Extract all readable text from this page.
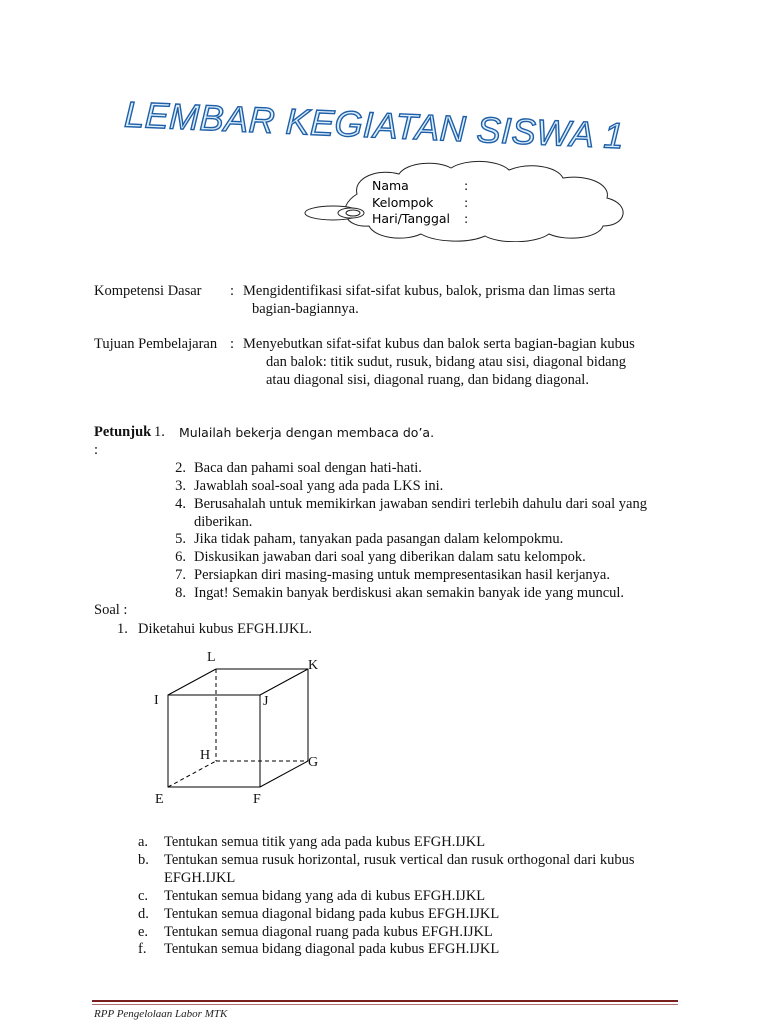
LEMBAR KEGIATAN SISWA 1
Nama	:
Kelompok	:
Hari/Tanggal	:
Kompetensi Dasar : Mengidentifikasi sifat-sifat kubus, balok, prisma dan limas serta
bagian-bagiannya.
Tujuan Pembelajaran : Menyebutkan sifat-sifat kubus dan balok serta bagian-bagian kubus
dan balok: titik sudut, rusuk, bidang atau sisi, diagonal bidang
atau diagonal sisi, diagonal ruang, dan bidang diagonal.
Petunjuk :
1.	Mulailah bekerja dengan membaca do’a.
2. Baca dan pahami soal dengan hati-hati.
3. Jawablah soal-soal yang ada pada LKS ini.
4. Berusahalah untuk memikirkan jawaban sendiri terlebih dahulu dari soal yang
diberikan.
5. Jika tidak paham, tanyakan pada pasangan dalam kelompokmu.
6. Diskusikan jawaban dari soal yang diberikan dalam satu kelompok.
7. Persiapkan diri masing-masing untuk mempresentasikan hasil kerjanya.
8. Ingat! Semakin banyak berdiskusi akan semakin banyak ide yang muncul.
Soal :
1. Diketahui kubus EFGH.IJKL.
L
K
I	J
H	G
E	F
a.	Tentukan semua titik yang ada pada kubus EFGH.IJKL
b.	Tentukan semua rusuk horizontal, rusuk vertical dan rusuk orthogonal dari kubus
EFGH.IJKL
c.	Tentukan semua bidang yang ada di kubus EFGH.IJKL
d.	Tentukan semua diagonal bidang pada kubus EFGH.IJKL
e.	Tentukan semua diagonal ruang pada kubus EFGH.IJKL
f.	Tentukan semua bidang diagonal pada kubus EFGH.IJKL
RPP Pengelolaan Labor MTK
